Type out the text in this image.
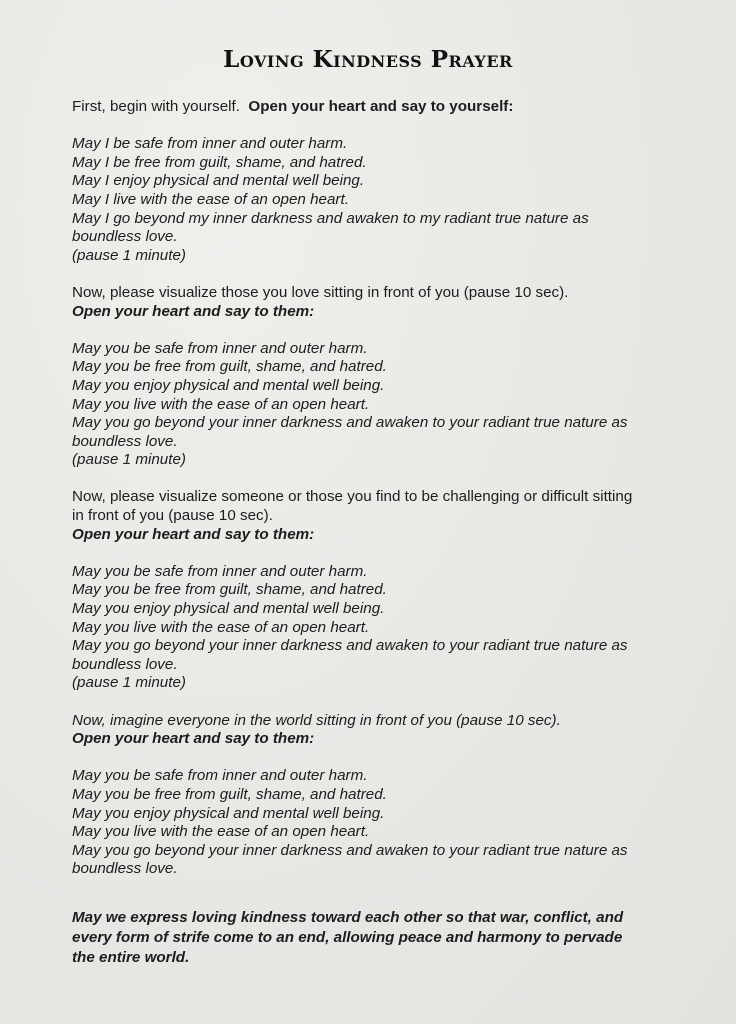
Loving Kindness Prayer

First, begin with yourself. Open your heart and say to yourself:

May I be safe from inner and outer harm.

May I be free from guilt, shame, and hatred.

May I enjoy physical and mental well being.

May I live with the ease of an open heart.

May I go beyond my inner darkness and awaken to my radiant true nature as

boundless love.

(pause 1 minute)

Now, please visualize those you love sitting in front of you (pause 10 sec).

Open your heart and say to them:

May you be safe from inner and outer harm.

May you be free from guilt, shame, and hatred.

May you enjoy physical and mental well being.

May you live with the ease of an open heart.

May you go beyond your inner darkness and awaken to your radiant true nature as

boundless love.

(pause 1 minute)

Now, please visualize someone or those you find to be challenging or difficult sitting

in front of you (pause 10 sec).

Open your heart and say to them:

May you be safe from inner and outer harm.

May you be free from guilt, shame, and hatred.

May you enjoy physical and mental well being.

May you live with the ease of an open heart.

May you go beyond your inner darkness and awaken to your radiant true nature as

boundless love.

(pause 1 minute)

Now, imagine everyone in the world sitting in front of you (pause 10 sec).

Open your heart and say to them:

May you be safe from inner and outer harm.

May you be free from guilt, shame, and hatred.

May you enjoy physical and mental well being.

May you live with the ease of an open heart.

May you go beyond your inner darkness and awaken to your radiant true nature as

boundless love.

May we express loving kindness toward each other so that war, conflict, and
every form of strife come to an end, allowing peace and harmony to pervade
the entire world.
